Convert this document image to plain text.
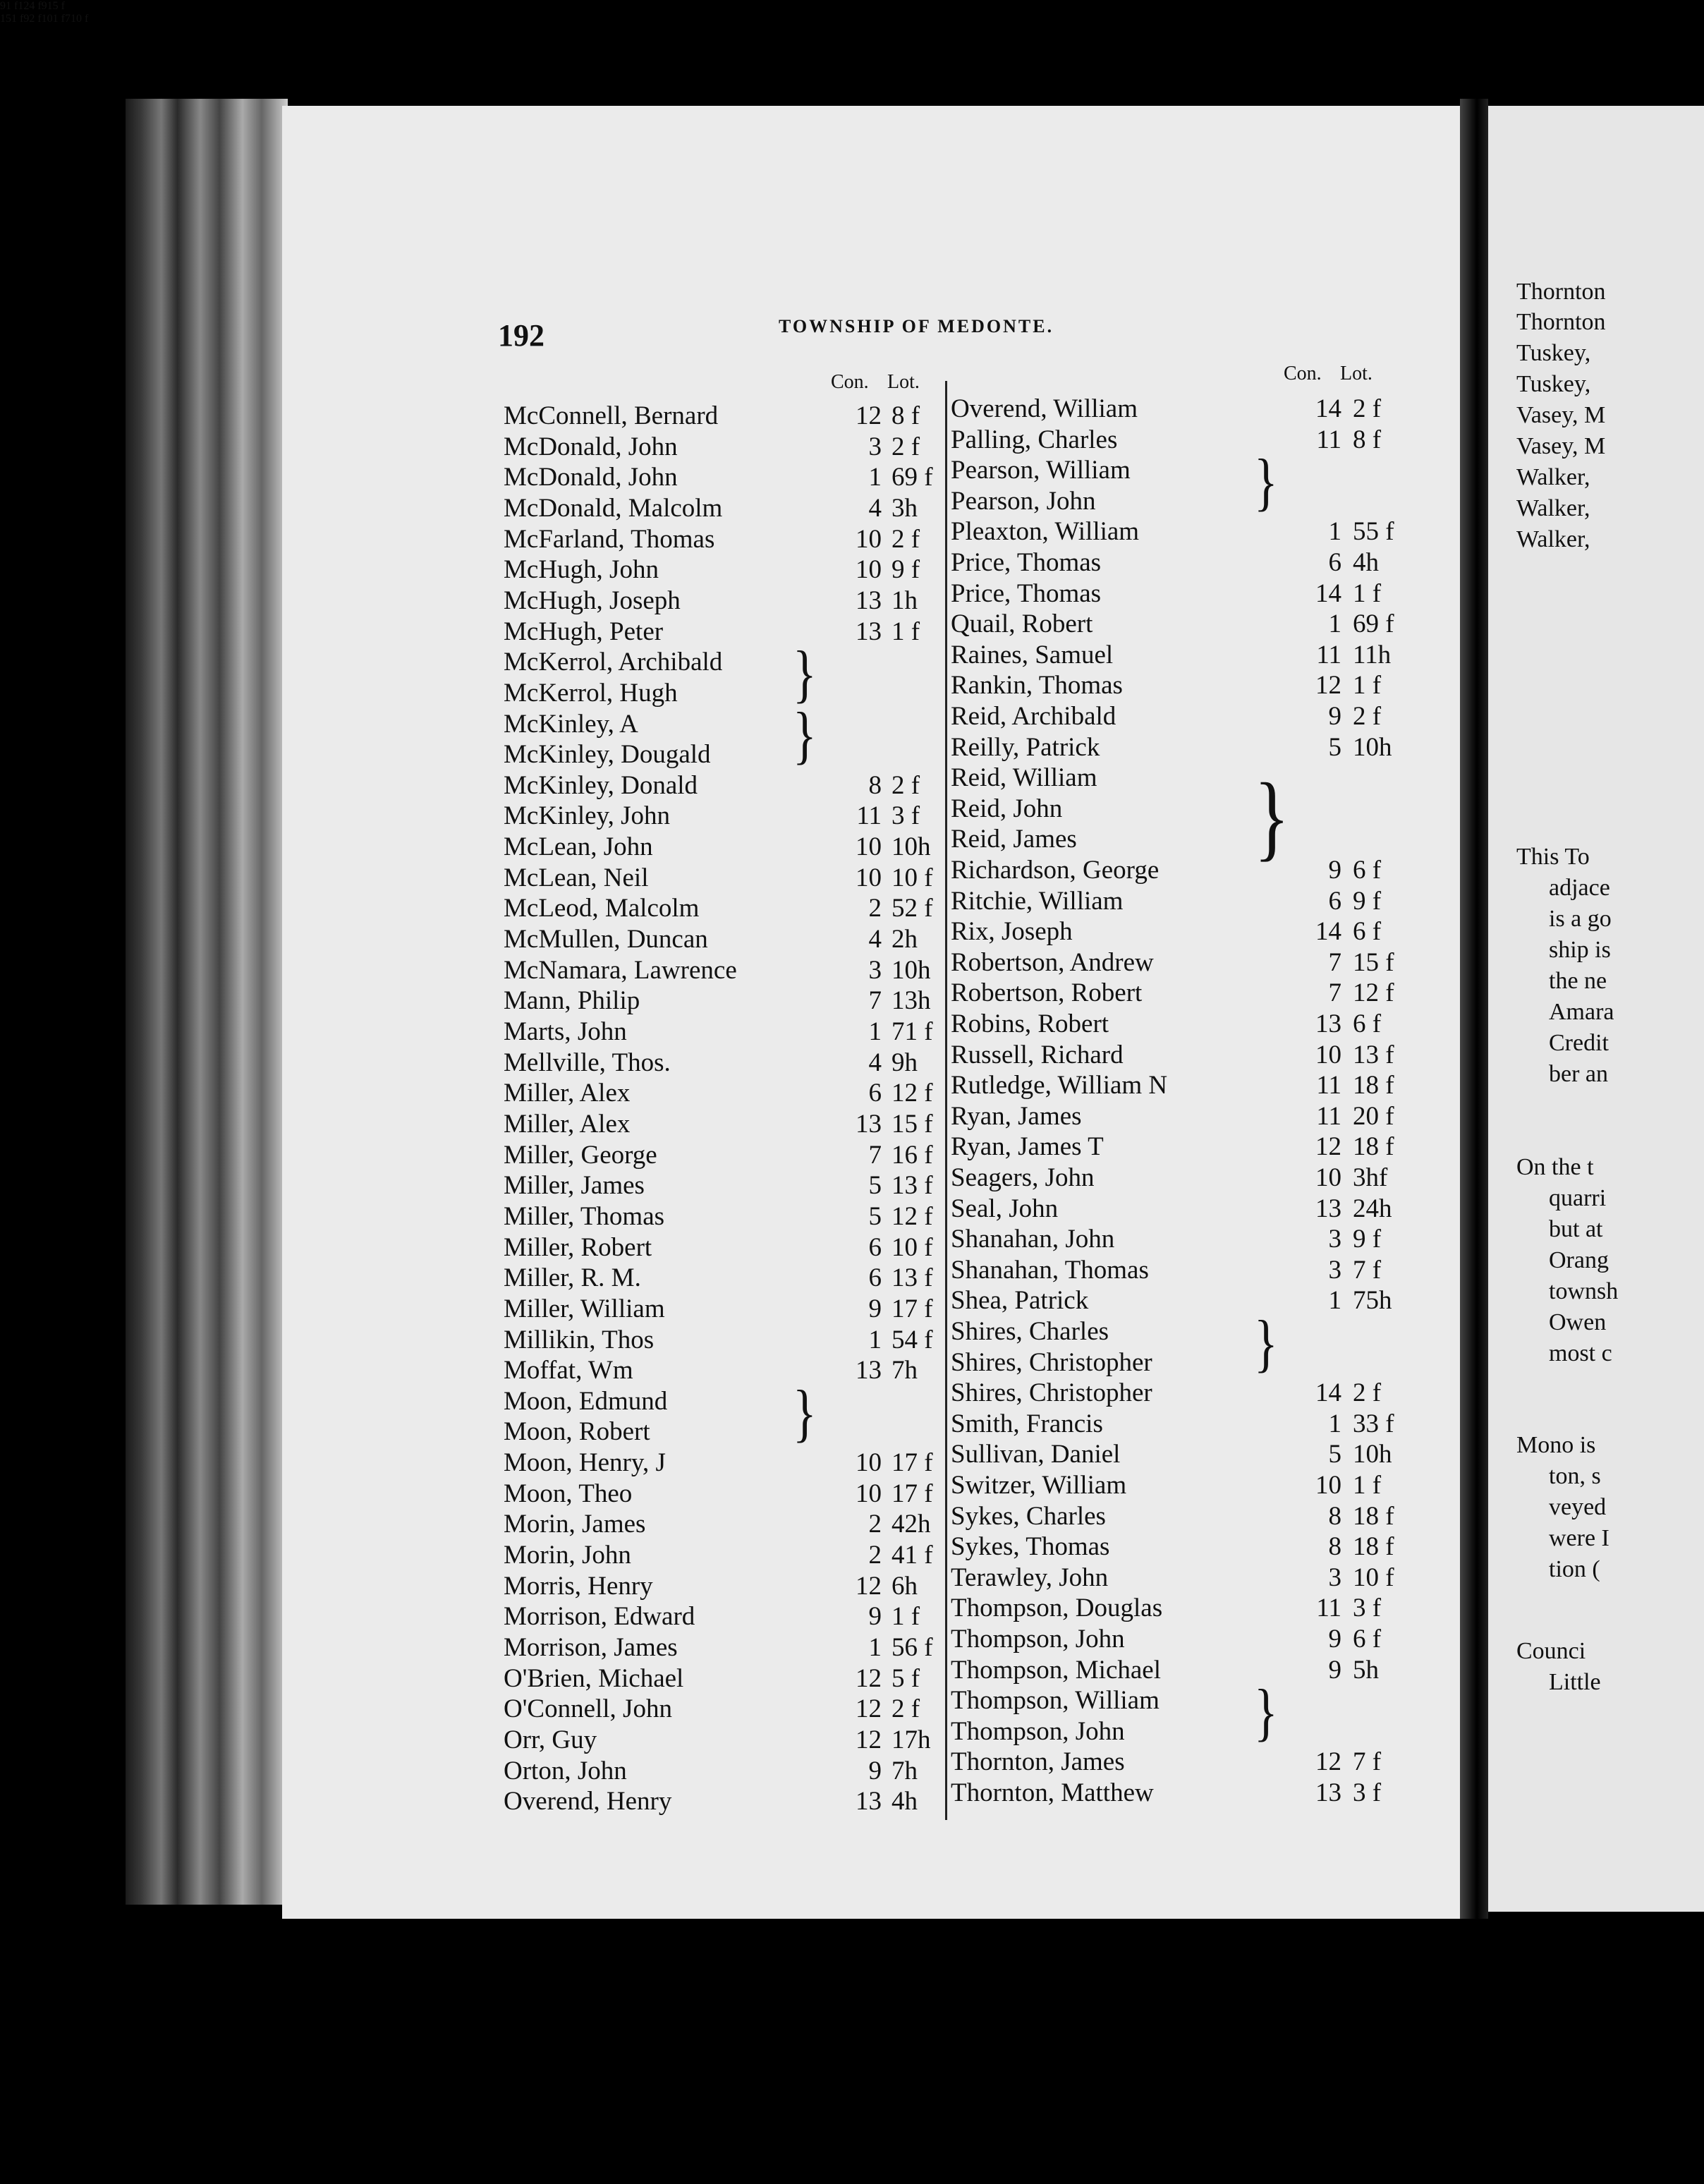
Thornton
Thornton
Tuskey,
Tuskey,
Vasey, M
Vasey, M
Walker,
Walker,
Walker,
This To
adjace
is a go
ship is
the ne
Amara
Credit
ber an
On the t
quarri
but at
Orang
townsh
Owen
most c
Mono is
ton, s
veyed
were I
tion (
Counci
Little
192	TOWNSHIP OF MEDONTE.
Con. Lot.	Con. Lot.
McConnell, Bernard	12 8 f
McDonald, John	3 2 f
McDonald, John	1 69 f
McDonald, Malcolm	4 3h
McFarland, Thomas	10 2 f
McHugh, John	10 9 f
McHugh, Joseph	13 1h
McHugh, Peter	13 1 f
McKerrol, Archibald
McKerrol, Hugh
McKinley, A
McKinley, Dougald
McKinley, Donald	8 2 f
McKinley, John	11 3 f
McLean, John	10 10h
McLean, Neil	10 10 f
McLeod, Malcolm	2 52 f
McMullen, Duncan	4 2h
McNamara, Lawrence	3 10h
Mann, Philip	7 13h
Marts, John	1 71 f
Mellville, Thos.	4 9h
Miller, Alex	6 12 f
Miller, Alex	13 15 f
Miller, George	7 16 f
Miller, James	5 13 f
Miller, Thomas	5 12 f
Miller, Robert	6 10 f
Miller, R. M.	6 13 f
Miller, William	9 17 f
Millikin, Thos	1 54 f
Moffat, Wm	13 7h
Moon, Edmund
Moon, Robert
Moon, Henry, J	10 17 f
Moon, Theo	10 17 f
Morin, James	2 42h
Morin, John	2 41 f
Morris, Henry	12 6h
Morrison, Edward	9 1 f
Morrison, James	1 56 f
O'Brien, Michael	12 5 f
O'Connell, John	12 2 f
Orr, Guy	12 17h
Orton, John	9 7h
Overend, Henry	13 4h
}
91 f
}
124 f
}
915 f
Overend, William	14 2 f
Palling, Charles	11 8 f
Pearson, William
Pearson, John
Pleaxton, William	1 55 f
Price, Thomas	6 4h
Price, Thomas	14 1 f
Quail, Robert	1 69 f
Raines, Samuel	11 11h
Rankin, Thomas	12 1 f
Reid, Archibald	9 2 f
Reilly, Patrick	5 10h
Reid, William
Reid, John
Reid, James
Richardson, George	9 6 f
Ritchie, William	6 9 f
Rix, Joseph	14 6 f
Robertson, Andrew	7 15 f
Robertson, Robert	7 12 f
Robins, Robert	13 6 f
Russell, Richard	10 13 f
Rutledge, William N	11 18 f
Ryan, James	11 20 f
Ryan, James T	12 18 f
Seagers, John	10 3hf
Seal, John	13 24h
Shanahan, John	3 9 f
Shanahan, Thomas	3 7 f
Shea, Patrick	1 75h
Shires, Charles
Shires, Christopher
Shires, Christopher	14 2 f
Smith, Francis	1 33 f
Sullivan, Daniel	5 10h
Switzer, William	10 1 f
Sykes, Charles	8 18 f
Sykes, Thomas	8 18 f
Terawley, John	3 10 f
Thompson, Douglas	11 3 f
Thompson, John	9 6 f
Thompson, Michael	9 5h
Thompson, William
Thompson, John
Thornton, James	12 7 f
Thornton, Matthew	13 3 f
}
151 f
}
92 f
}
101 f
}
710 f
